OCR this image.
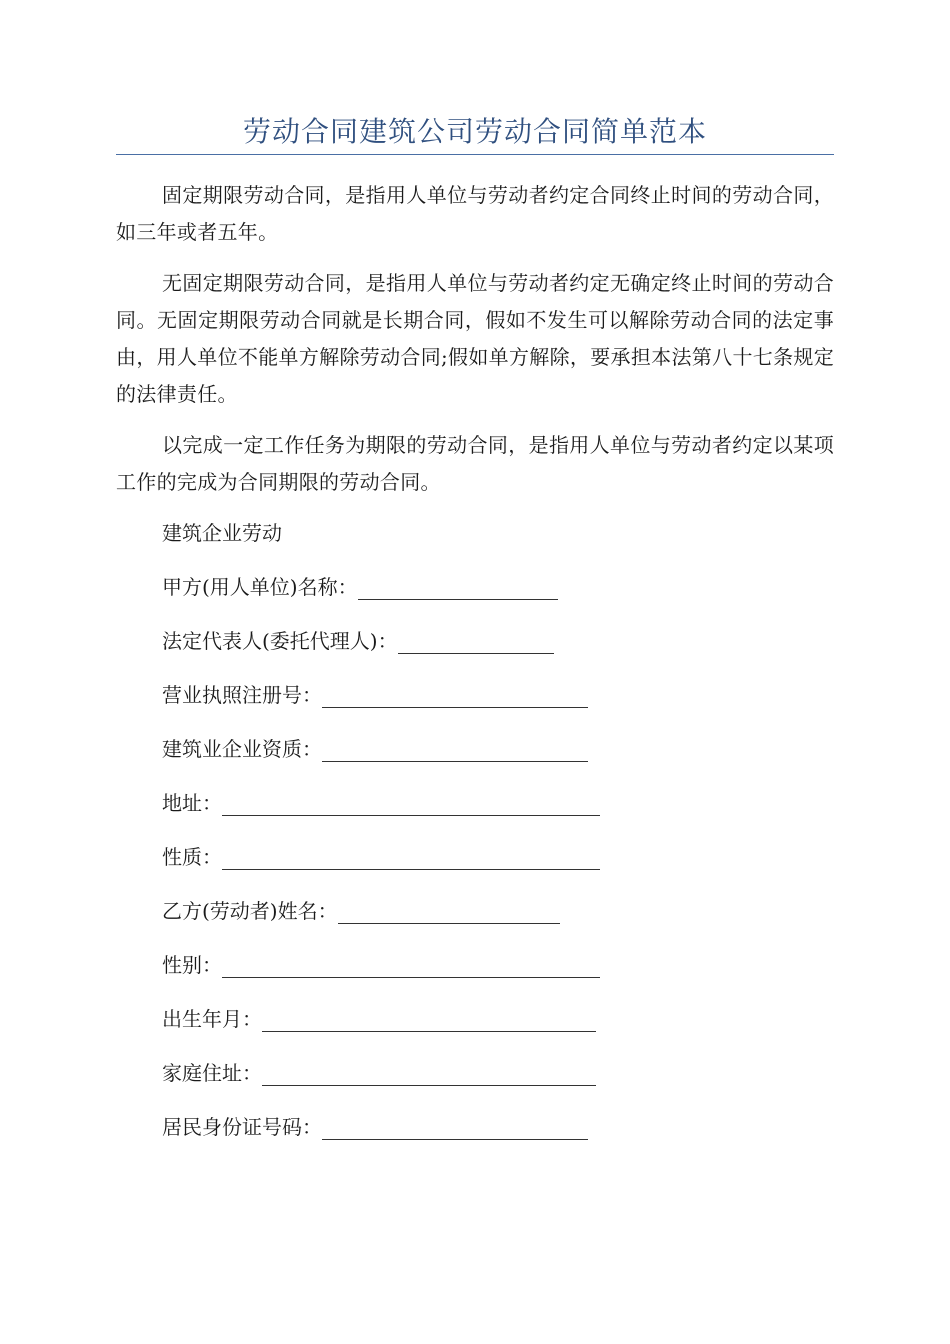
劳动合同建筑公司劳动合同简单范本

固定期限劳动合同，是指用人单位与劳动者约定合同终止时间的劳动合同，如三年或者五年。

无固定期限劳动合同，是指用人单位与劳动者约定无确定终止时间的劳动合同。无固定期限劳动合同就是长期合同，假如不发生可以解除劳动合同的法定事由，用人单位不能单方解除劳动合同;假如单方解除，要承担本法第八十七条规定的法律责任。

以完成一定工作任务为期限的劳动合同，是指用人单位与劳动者约定以某项工作的完成为合同期限的劳动合同。

建筑企业劳动

甲方(用人单位)名称：
法定代表人(委托代理人)：
营业执照注册号：
建筑业企业资质：
地址：
性质：
乙方(劳动者)姓名：
性别：
出生年月：
家庭住址：
居民身份证号码：
